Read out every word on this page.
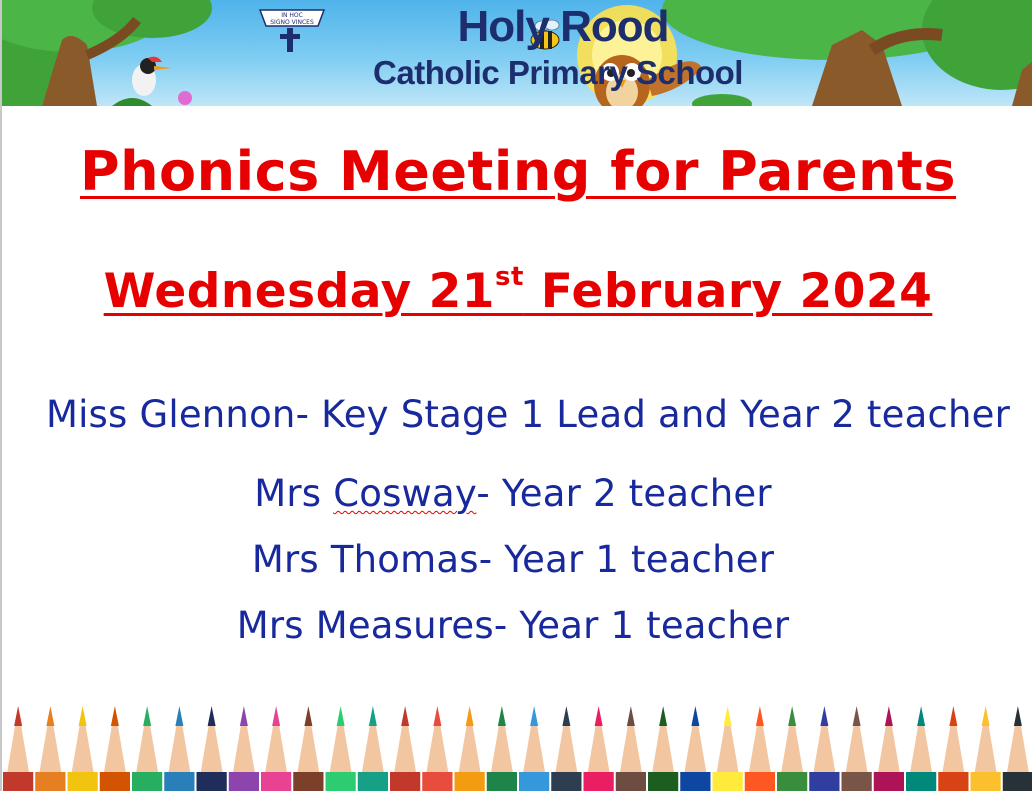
IN HOC
SIGNO VINCES	Holy Rood
Catholic Primary School
Phonics Meeting for Parents
Wednesday 21st February 2024
Miss Glennon- Key Stage 1 Lead and Year 2 teacher
Mrs Cosway- Year 2 teacher
Mrs Thomas- Year 1 teacher
Mrs Measures- Year 1 teacher
